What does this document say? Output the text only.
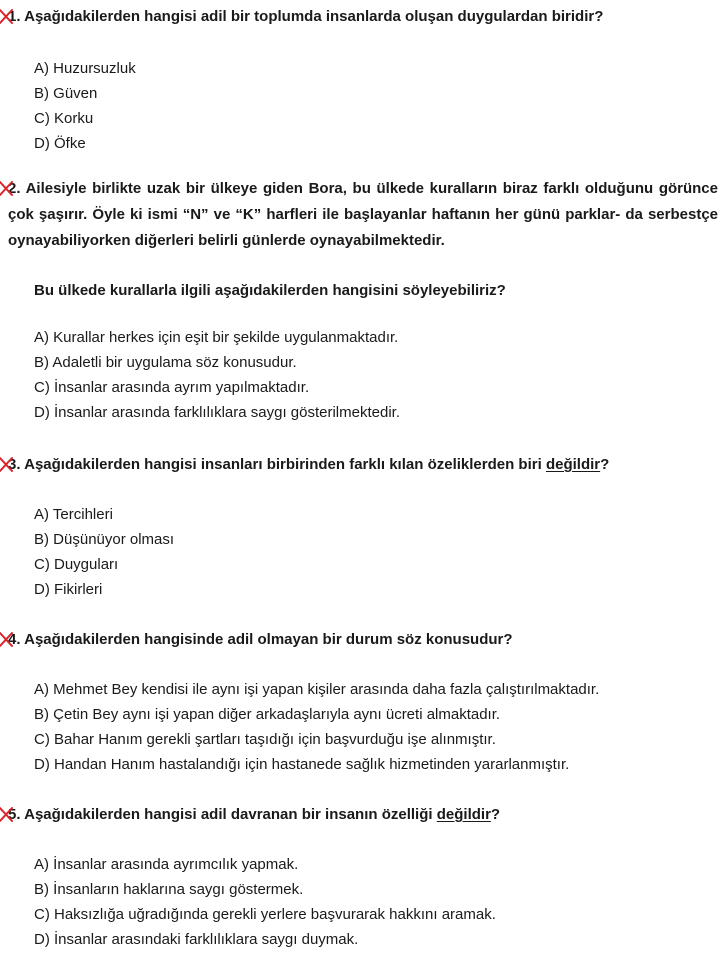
1. Aşağıdakilerden hangisi adil bir toplumda insanlarda oluşan duygulardan biridir?
A) Huzursuzluk
B) Güven
C) Korku
D) Öfke
2. Ailesiyle birlikte uzak bir ülkeye giden Bora, bu ülkede kuralların biraz farklı olduğunu görünce çok şaşırır. Öyle ki ismi “N” ve “K” harfleri ile başlayanlar haftanın her günü parklar- da serbestçe oynayabiliyorken diğerleri belirli günlerde oynayabilmektedir.
Bu ülkede kurallarla ilgili aşağıdakilerden hangisini söyleyebiliriz?
A) Kurallar herkes için eşit bir şekilde uygulanmaktadır.
B) Adaletli bir uygulama söz konusudur.
C) İnsanlar arasında ayrım yapılmaktadır.
D) İnsanlar arasında farklılıklara saygı gösterilmektedir.
3. Aşağıdakilerden hangisi insanları birbirinden farklı kılan özeliklerden biri değildir?
A) Tercihleri
B) Düşünüyor olması
C) Duyguları
D) Fikirleri
4. Aşağıdakilerden hangisinde adil olmayan bir durum söz konusudur?
A) Mehmet Bey kendisi ile aynı işi yapan kişiler arasında daha fazla çalıştırılmaktadır.
B) Çetin Bey aynı işi yapan diğer arkadaşlarıyla aynı ücreti almaktadır.
C) Bahar Hanım gerekli şartları taşıdığı için başvurduğu işe alınmıştır.
D) Handan Hanım hastalandığı için hastanede sağlık hizmetinden yararlanmıştır.
5. Aşağıdakilerden hangisi adil davranan bir insanın özelliği değildir?
A) İnsanlar arasında ayrımcılık yapmak.
B) İnsanların haklarına saygı göstermek.
C) Haksızlığa uğradığında gerekli yerlere başvurarak hakkını aramak.
D) İnsanlar arasındaki farklılıklara saygı duymak.
